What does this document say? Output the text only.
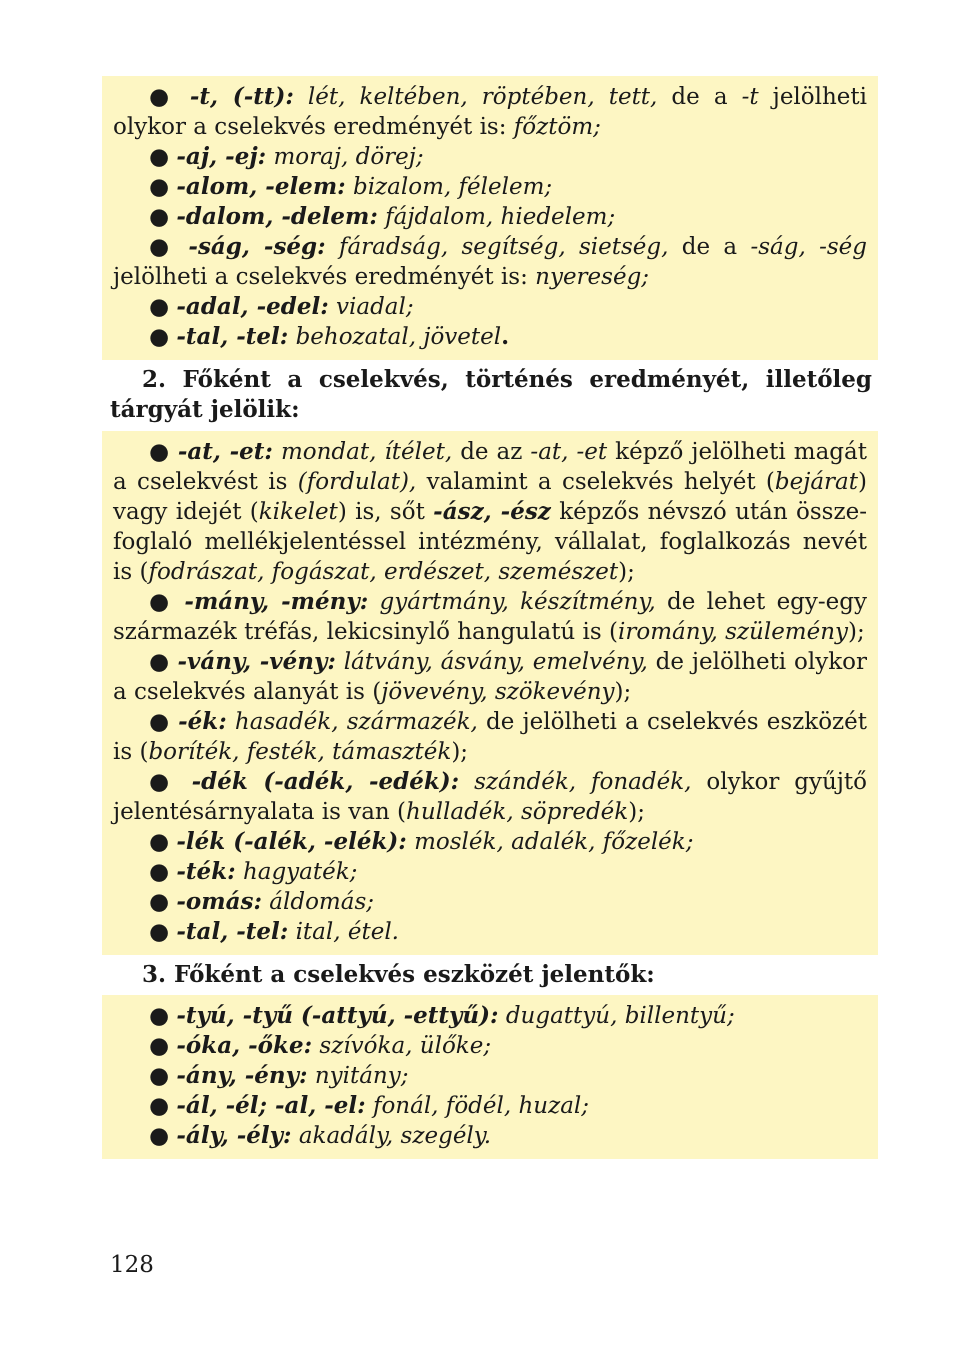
● -t, (-tt): lét, keltében, röptében, tett, de a -t jelölheti olykor a cselekvés eredményét is: főztöm;

● -aj, -ej: moraj, dörej;

● -alom, -elem: bizalom, félelem;

● -dalom, -delem: fájdalom, hiedelem;

● -ság, -ség: fáradság, segítség, sietség, de a -ság, -ség jelölheti a cselekvés eredményét is: nyereség;

● -adal, -edel: viadal;

● -tal, -tel: behozatal, jövetel.

2. Főként a cselekvés, történés eredményét, illetőleg tárgyát jelölik:

● -at, -et: mondat, ítélet, de az -at, -et képző jelölheti magát a cselekvést is (fordulat), valamint a cselekvés helyét (bejárat) vagy idejét (kikelet) is, sőt -ász, -ész képzős névszó után összefoglaló mellékjelentéssel intézmény, vállalat, foglalkozás nevét is (fodrászat, fogászat, erdészet, szemészet);

● -mány, -mény: gyártmány, készítmény, de lehet egy-egy származék tréfás, lekicsinylő hangulatú is (iromány, szülemény);

● -vány, -vény: látvány, ásvány, emelvény, de jelölheti olykor a cselekvés alanyát is (jövevény, szökevény);

● -ék: hasadék, származék, de jelölheti a cselekvés eszközét is (boríték, festék, támaszték);

● -dék (-adék, -edék): szándék, fonadék, olykor gyűjtő jelentésárnyalata is van (hulladék, söpredék);

● -lék (-alék, -elék): moslék, adalék, főzelék;

● -ték: hagyaték;

● -omás: áldomás;

● -tal, -tel: ital, étel.

3. Főként a cselekvés eszközét jelentők:

● -tyú, -tyű (-attyú, -ettyű): dugattyú, billentyű;

● -óka, -őke: szívóka, ülőke;

● -ány, -ény: nyitány;

● -ál, -él; -al, -el: fonál, födél, huzal;

● -ály, -ély: akadály, szegély.

128
